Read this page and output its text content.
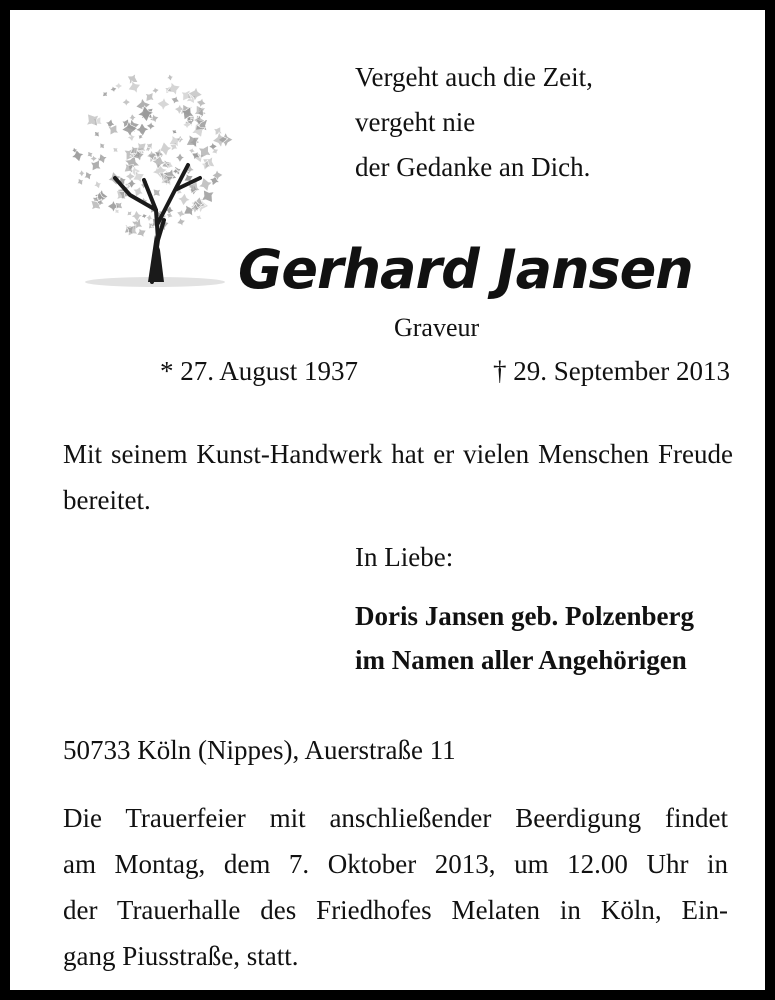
Vergeht auch die Zeit,
vergeht nie
der Gedanke an Dich.
Gerhard Jansen
Graveur
* 27. August 1937	† 29. September 2013
Mit seinem Kunst-Handwerk hat er vielen Menschen Freude bereitet.
In Liebe:
Doris Jansen geb. Polzenberg
im Namen aller Angehörigen
50733 Köln (Nippes), Auerstraße 11
Die Trauerfeier mit anschließender Beerdigung findet
am Montag, dem 7. Oktober 2013, um 12.00 Uhr in
der Trauerhalle des Friedhofes Melaten in Köln, Ein-
gang Piusstraße, statt.
